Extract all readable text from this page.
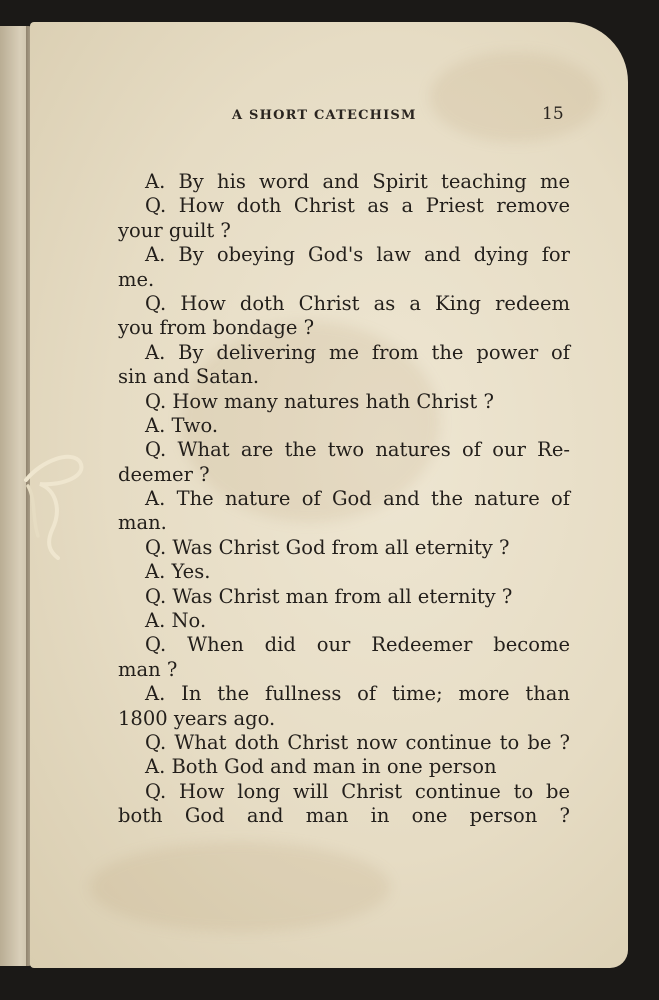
A SHORT CATECHISM	15
A. By his word and Spirit teaching me
Q. How doth Christ as a Priest remove
your guilt ?
A. By obeying God's law and dying for
me.
Q. How doth Christ as a King redeem
you from bondage ?
A. By delivering me from the power of
sin and Satan.
Q. How many natures hath Christ ?
A. Two.
Q. What are the two natures of our Re-
deemer ?
A. The nature of God and the nature of
man.
Q. Was Christ God from all eternity ?
A. Yes.
Q. Was Christ man from all eternity ?
A. No.
Q. When did our Redeemer become
man ?
A. In the fullness of time; more than
1800 years ago.
Q. What doth Christ now continue to be ?
A. Both God and man in one person
Q. How long will Christ continue to be
both God and man in one person ?
